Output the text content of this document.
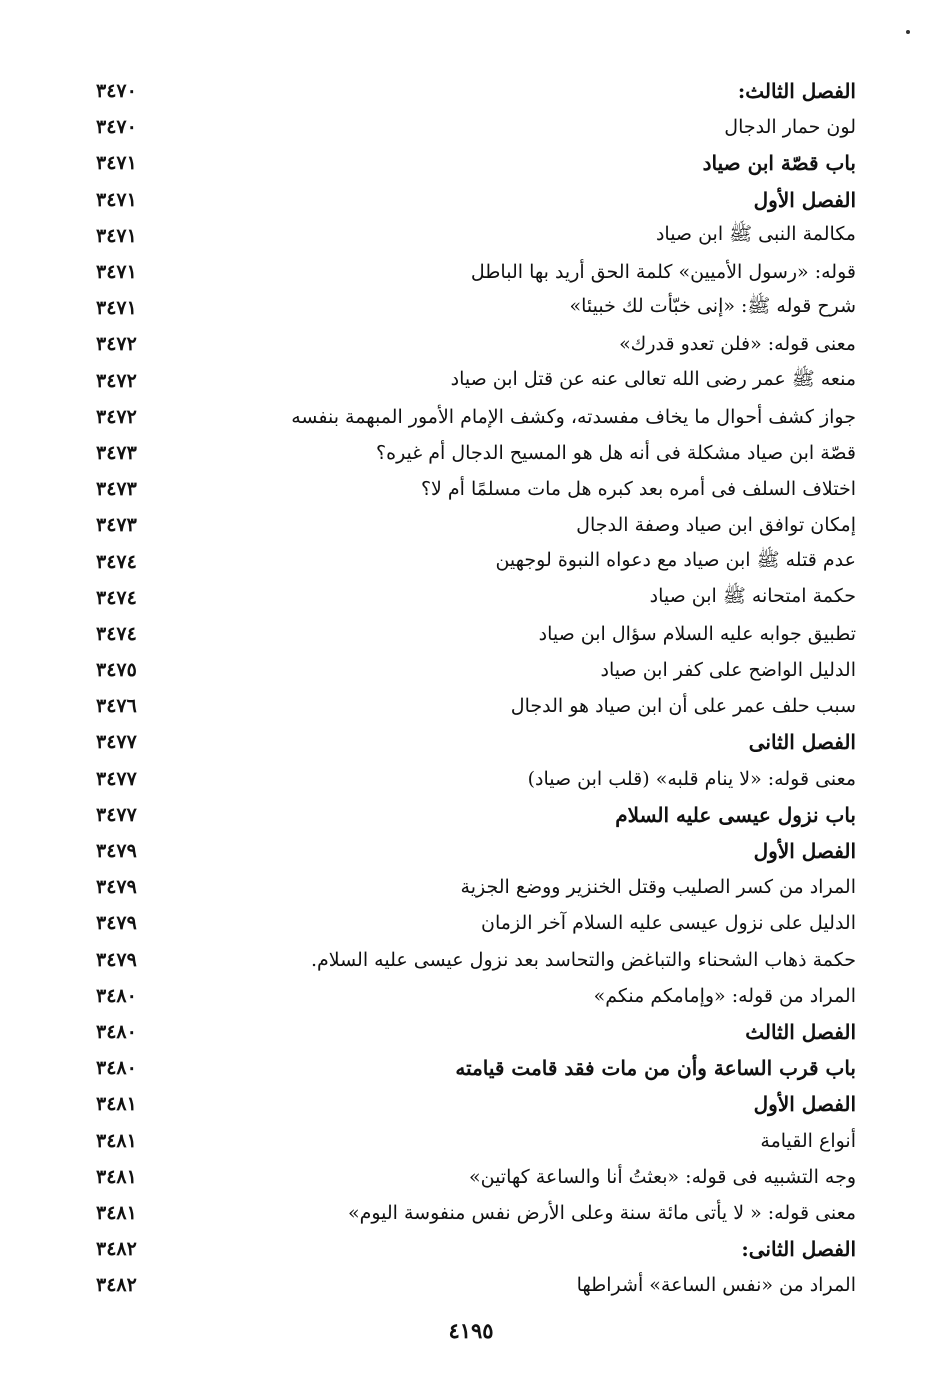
الفصل الثالث:
٣٤٧٠
لون حمار الدجال
٣٤٧٠
باب قصّة ابن صياد
٣٤٧١
الفصل الأول
٣٤٧١
مكالمة النبى ﷺ ابن صياد
٣٤٧١
قوله: «رسول الأميين» كلمة الحق أريد بها الباطل
٣٤٧١
شرح قوله ﷺ: «إنى خبّأت لك خبيئا»
٣٤٧١
معنى قوله: «فلن تعدو قدرك»
٣٤٧٢
منعه ﷺ عمر رضى الله تعالى عنه عن قتل ابن صياد
٣٤٧٢
جواز كشف أحوال ما يخاف مفسدته، وكشف الإمام الأمور المبهمة بنفسه
٣٤٧٢
قصّة ابن صياد مشكلة فى أنه هل هو المسيح الدجال أم غيره؟
٣٤٧٣
اختلاف السلف فى أمره بعد كبره هل مات مسلمًا أم لا؟
٣٤٧٣
إمكان توافق ابن صياد وصفة الدجال
٣٤٧٣
عدم قتله ﷺ ابن صياد مع دعواه النبوة لوجهين
٣٤٧٤
حكمة امتحانه ﷺ ابن صياد
٣٤٧٤
تطبيق جوابه عليه السلام سؤال ابن صياد
٣٤٧٤
الدليل الواضح على كفر ابن صياد
٣٤٧٥
سبب حلف عمر على أن ابن صياد هو الدجال
٣٤٧٦
الفصل الثانى
٣٤٧٧
معنى قوله: «لا ينام قلبه» (قلب ابن صياد)
٣٤٧٧
باب نزول عيسى عليه السلام
٣٤٧٧
الفصل الأول
٣٤٧٩
المراد من كسر الصليب وقتل الخنزير ووضع الجزية
٣٤٧٩
الدليل على نزول عيسى عليه السلام آخر الزمان
٣٤٧٩
حكمة ذهاب الشحناء والتباغض والتحاسد بعد نزول عيسى عليه السلام.
٣٤٧٩
المراد من قوله: «وإمامكم منكم»
٣٤٨٠
الفصل الثالث
٣٤٨٠
باب قرب الساعة وأن من مات فقد قامت قيامته
٣٤٨٠
الفصل الأول
٣٤٨١
أنواع القيامة
٣٤٨١
وجه التشبيه فى قوله: «بعثتُ أنا والساعة كهاتين»
٣٤٨١
معنى قوله: « لا يأتى مائة سنة وعلى الأرض نفس منفوسة اليوم»
٣٤٨١
الفصل الثانى:
٣٤٨٢
المراد من «نفس الساعة» أشراطها
٣٤٨٢
٤١٩٥
